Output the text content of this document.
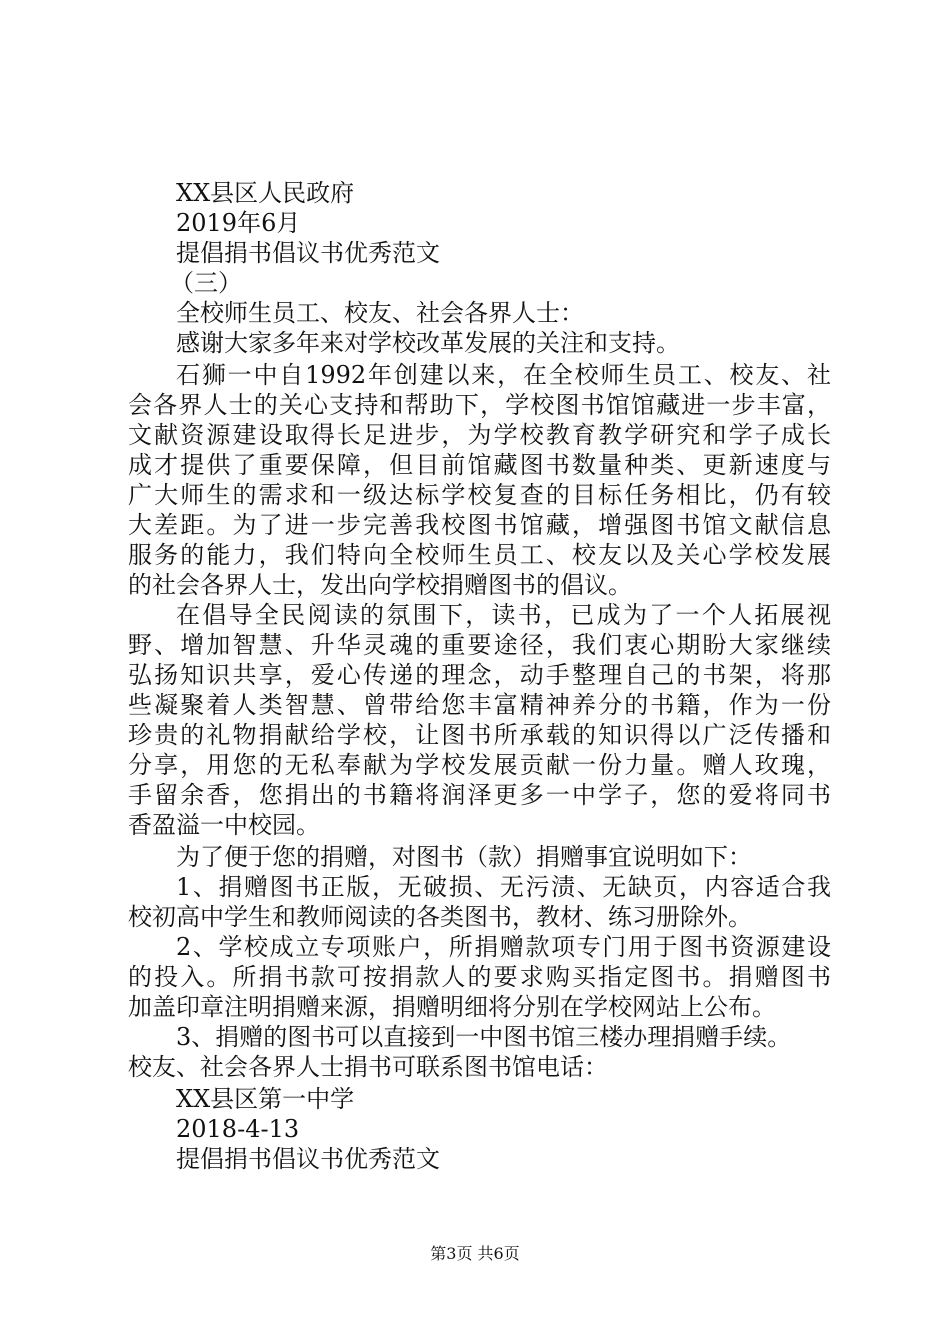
XX县区人民政府
2019年6月
提倡捐书倡议书优秀范文
（三）
全校师生员工、校友、社会各界人士：
感谢大家多年来对学校改革发展的关注和支持。
石狮一中自1992年创建以来，在全校师生员工、校友、社
会各界人士的关心支持和帮助下，学校图书馆馆藏进一步丰富，
文献资源建设取得长足进步，为学校教育教学研究和学子成长
成才提供了重要保障，但目前馆藏图书数量种类、更新速度与
广大师生的需求和一级达标学校复查的目标任务相比，仍有较
大差距。为了进一步完善我校图书馆藏，增强图书馆文献信息
服务的能力，我们特向全校师生员工、校友以及关心学校发展
的社会各界人士，发出向学校捐赠图书的倡议。
在倡导全民阅读的氛围下，读书，已成为了一个人拓展视
野、增加智慧、升华灵魂的重要途径，我们衷心期盼大家继续
弘扬知识共享，爱心传递的理念，动手整理自己的书架，将那
些凝聚着人类智慧、曾带给您丰富精神养分的书籍，作为一份
珍贵的礼物捐献给学校，让图书所承载的知识得以广泛传播和
分享，用您的无私奉献为学校发展贡献一份力量。赠人玫瑰，
手留余香，您捐出的书籍将润泽更多一中学子，您的爱将同书
香盈溢一中校园。
为了便于您的捐赠，对图书（款）捐赠事宜说明如下：
1、捐赠图书正版，无破损、无污渍、无缺页，内容适合我
校初高中学生和教师阅读的各类图书，教材、练习册除外。
2、学校成立专项账户，所捐赠款项专门用于图书资源建设
的投入。所捐书款可按捐款人的要求购买指定图书。捐赠图书
加盖印章注明捐赠来源，捐赠明细将分别在学校网站上公布。
3、捐赠的图书可以直接到一中图书馆三楼办理捐赠手续。
校友、社会各界人士捐书可联系图书馆电话：
XX县区第一中学
2018-4-13
提倡捐书倡议书优秀范文
第3页 共6页
